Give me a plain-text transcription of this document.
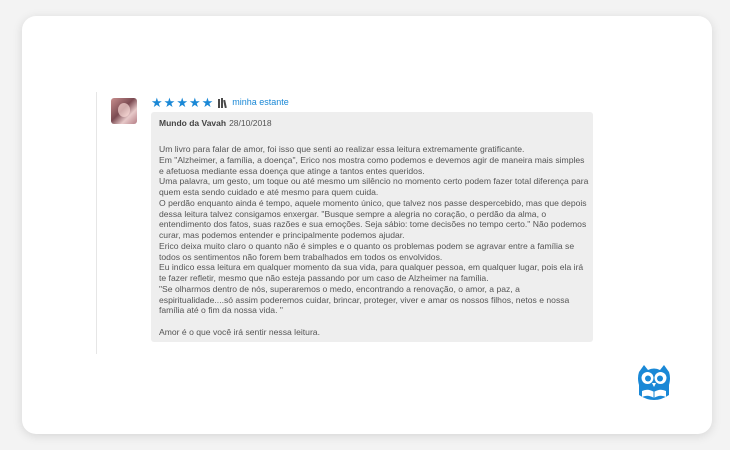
★ ★ ★ ★ ★ minha estante
Mundo da Vavah 28/10/2018

Um livro para falar de amor, foi isso que senti ao realizar essa leitura extremamente gratificante.

Em "Alzheimer, a família, a doença", Erico nos mostra como podemos e devemos agir de maneira mais simples e afetuosa mediante essa doença que atinge a tantos entes queridos.

Uma palavra, um gesto, um toque ou até mesmo um silêncio no momento certo podem fazer total diferença para quem esta sendo cuidado e até mesmo para quem cuida.

O perdão enquanto ainda é tempo, aquele momento único, que talvez nos passe despercebido, mas que depois dessa leitura talvez consigamos enxergar. "Busque sempre a alegria no coração, o perdão da alma, o entendimento dos fatos, suas razões e sua emoções. Seja sábio: tome decisões no tempo certo." Não podemos curar, mas podemos entender e principalmente podemos ajudar.

Erico deixa muito claro o quanto não é simples e o quanto os problemas podem se agravar entre a família se todos os sentimentos não forem bem trabalhados em todos os envolvidos.

Eu indico essa leitura em qualquer momento da sua vida, para qualquer pessoa, em qualquer lugar, pois ela irá te fazer refletir, mesmo que não esteja passando por um caso de Alzheimer na família.

"Se olharmos dentro de nós, superaremos o medo, encontrando a renovação, o amor, a paz, a espiritualidade....só assim poderemos cuidar, brincar, proteger, viver e amar os nossos filhos, netos e nossa família até o fim da nossa vida. "

Amor é o que você irá sentir nessa leitura.
